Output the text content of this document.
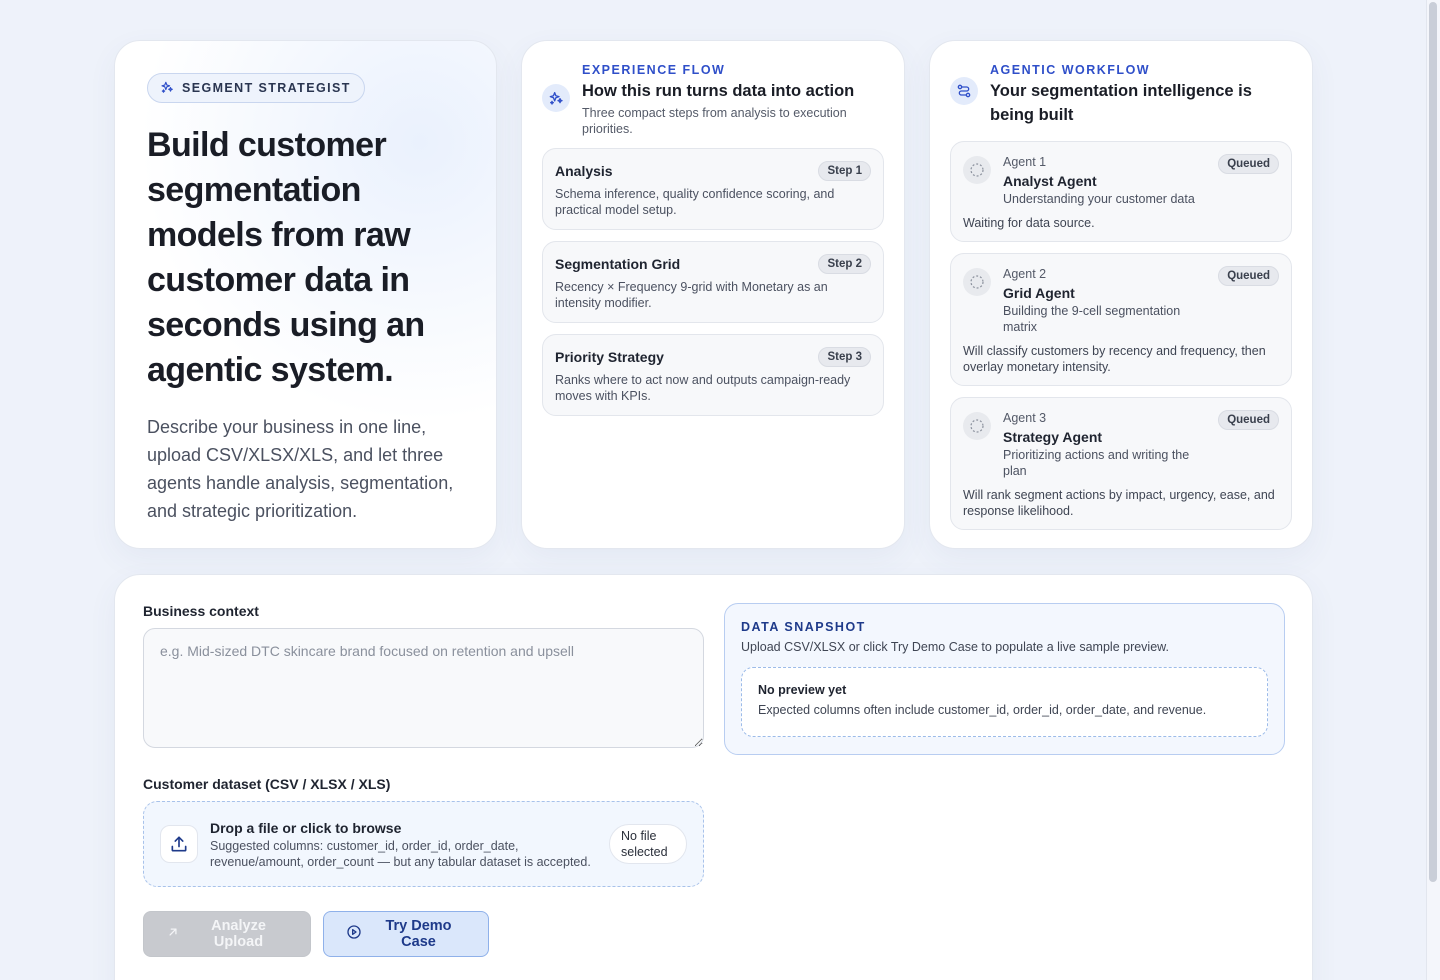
SEGMENT STRATEGIST
Build customer segmentation models from raw customer data in seconds using an agentic system.

Describe your business in one line, upload CSV/XLSX/XLS, and let three agents handle analysis, segmentation, and strategic prioritization.

EXPERIENCE FLOW
How this run turns data into action
Three compact steps from analysis to execution priorities.
Analysis	Step 1
Schema inference, quality confidence scoring, and practical model setup.
Segmentation Grid	Step 2
Recency × Frequency 9-grid with Monetary as an intensity modifier.
Priority Strategy	Step 3
Ranks where to act now and outputs campaign-ready moves with KPIs.
AGENTIC WORKFLOW
Your segmentation intelligence is being built
Agent 1
Analyst Agent
Understanding your customer data
Queued
Waiting for data source.
Agent 2
Grid Agent
Building the 9-cell segmentation matrix
Queued
Will classify customers by recency and frequency, then overlay monetary intensity.
Agent 3
Strategy Agent
Prioritizing actions and writing the plan
Queued
Will rank segment actions by impact, urgency, ease, and response likelihood.
Business context
e.g. Mid-sized DTC skincare brand focused on retention and upsell
Customer dataset (CSV / XLSX / XLS)
Drop a file or click to browse
Suggested columns: customer_id, order_id, order_date, revenue/amount, order_count — but any tabular dataset is accepted.
No file selected
Analyze Upload
Try Demo Case
DATA SNAPSHOT
Upload CSV/XLSX or click Try Demo Case to populate a live sample preview.
No preview yet
Expected columns often include customer_id, order_id, order_date, and revenue.
